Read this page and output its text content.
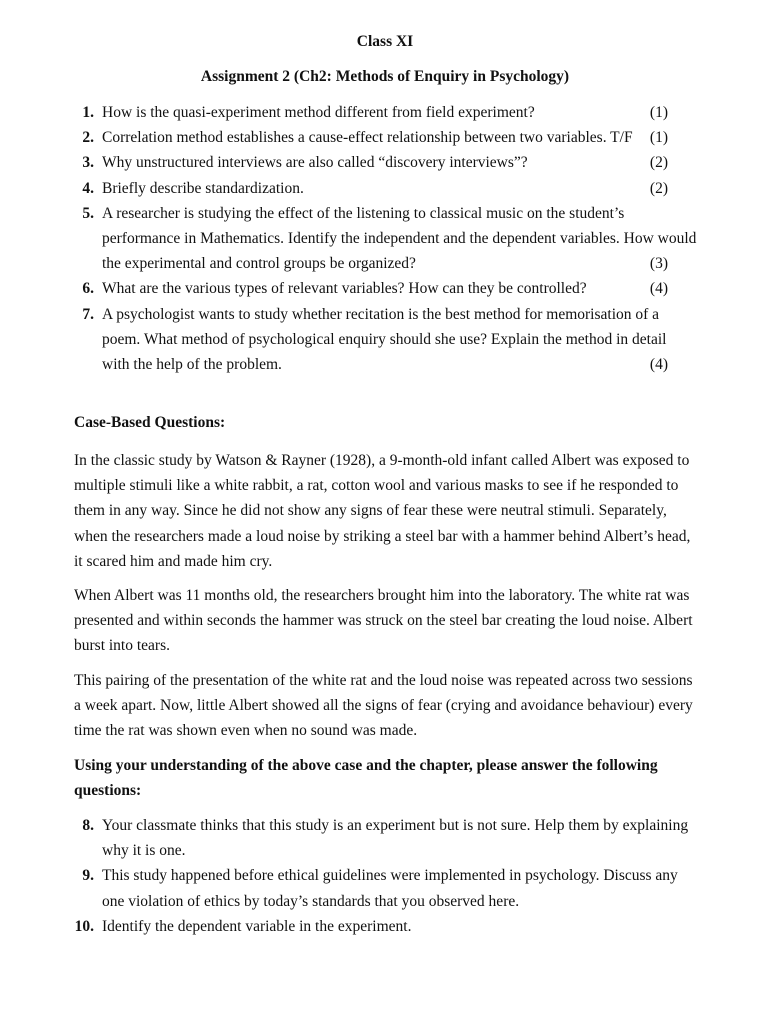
Class XI
Assignment 2 (Ch2: Methods of Enquiry in Psychology)
1. How is the quasi-experiment method different from field experiment?	(1)
2. Correlation method establishes a cause-effect relationship between two variables. T/F (1)
3. Why unstructured interviews are also called “discovery interviews”?	(2)
4. Briefly describe standardization.	(2)
5. A researcher is studying the effect of the listening to classical music on the student’s
performance in Mathematics. Identify the independent and the dependent variables. How would
the experimental and control groups be organized?	(3)
6. What are the various types of relevant variables? How can they be controlled?	(4)
7. A psychologist wants to study whether recitation is the best method for memorisation of a
poem. What method of psychological enquiry should she use? Explain the method in detail
with the help of the problem.	(4)
Case-Based Questions:
In the classic study by Watson & Rayner (1928), a 9-month-old infant called Albert was exposed to
multiple stimuli like a white rabbit, a rat, cotton wool and various masks to see if he responded to
them in any way. Since he did not show any signs of fear these were neutral stimuli. Separately,
when the researchers made a loud noise by striking a steel bar with a hammer behind Albert’s head,
it scared him and made him cry.
When Albert was 11 months old, the researchers brought him into the laboratory. The white rat was
presented and within seconds the hammer was struck on the steel bar creating the loud noise. Albert
burst into tears.
This pairing of the presentation of the white rat and the loud noise was repeated across two sessions
a week apart. Now, little Albert showed all the signs of fear (crying and avoidance behaviour) every
time the rat was shown even when no sound was made.
Using your understanding of the above case and the chapter, please answer the following
questions:
8. Your classmate thinks that this study is an experiment but is not sure. Help them by explaining
why it is one.
9. This study happened before ethical guidelines were implemented in psychology. Discuss any
one violation of ethics by today’s standards that you observed here.
10. Identify the dependent variable in the experiment.
